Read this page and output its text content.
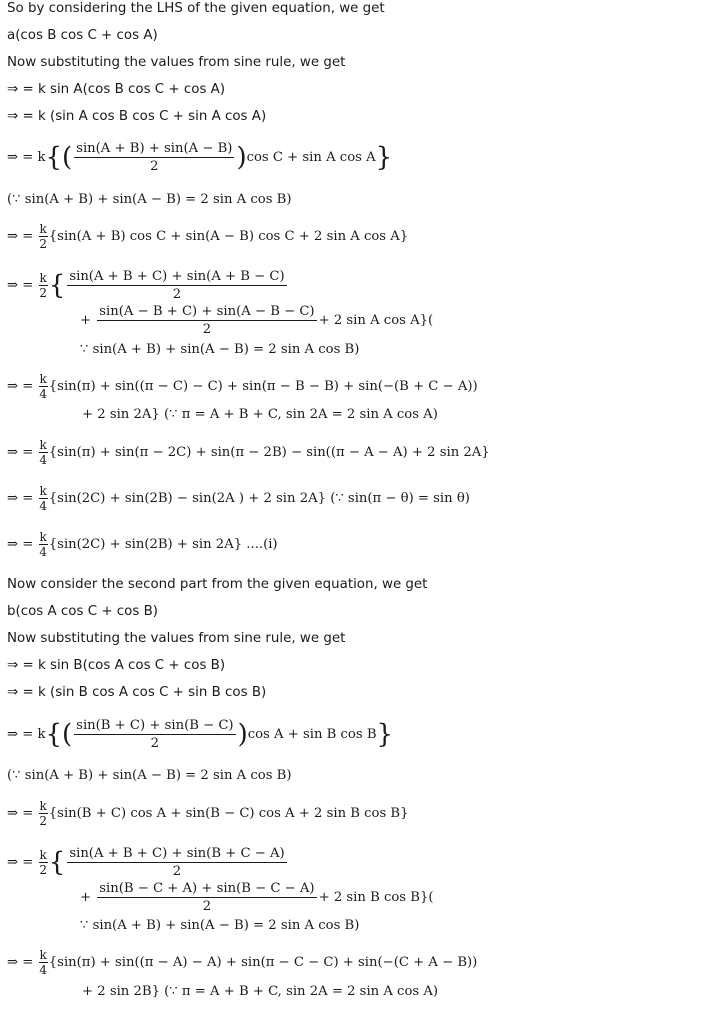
So by considering the LHS of the given equation, we get
a(cos B cos C + cos A)
Now substituting the values from sine rule, we get
⇒ = k sin A(cos B cos C + cos A)
⇒ = k (sin A cos B cos C + sin A cos A)
⇒ = $k\{( \frac{\sin(A + B) + \sin(A - B)}{2} )\cos$ C + sin A cos A}
(∵ sin(A + B) + sin(A − B) = 2 sin A cos B)
⇒ = $\frac{k}{2} \{\sin(A + B)$ cos C + sin(A − B) cos C + 2 sin A cos A}
⇒ = $\frac{k}{2}$ { $\frac{\sin(A + B + C) + \sin(A + B - C)}{2}$
+ $\frac{\sin(A - B + C) + \sin(A - B - C)}{2} + 2$ sin A cos A}(
∵ sin(A + B) + sin(A − B) = 2 sin A cos B)
⇒ = $\frac{k}{4} \{\sin(\pi) + \sin((\pi - C) - C) + \sin(\pi - B - B) + \sin(-(B + C - A))$
+ 2 sin 2A} (∵ π = A + B + C, sin 2A = 2 sin A cos A)
⇒ = $\frac{k}{4} \{\sin(\pi) + \sin(\pi - 2C) + \sin(\pi - 2B) - \sin((\pi - A - A) + 2$ sin 2A}
⇒ = $\frac{k}{4} \{\sin(2C) + \sin(2B) - \sin(2A$ ) + 2 sin 2A} (∵ sin(π − θ) = sin θ)
⇒ = $\frac{k}{4} \{\sin(2C) + \sin(2B) + \sin 2A\}$ ....(i)
Now consider the second part from the given equation, we get
b(cos A cos C + cos B)
Now substituting the values from sine rule, we get
⇒ = k sin B(cos A cos C + cos B)
⇒ = k (sin B cos A cos C + sin B cos B)
⇒ = $k\{( \frac{\sin(B + C) + \sin(B - C)}{2} )\cos$ A + sin B cos B}
(∵ sin(A + B) + sin(A − B) = 2 sin A cos B)
⇒ = $\frac{k}{2} \{\sin(B + C)$ cos A + sin(B − C) cos A + 2 sin B cos B}
⇒ = $\frac{k}{2}$ { $\frac{\sin(A + B + C) + \sin(B + C - A)}{2}$
+ $\frac{\sin(B - C + A) + \sin(B - C - A)}{2} + 2$ sin B cos B}(
∵ sin(A + B) + sin(A − B) = 2 sin A cos B)
⇒ = $\frac{k}{4} \{\sin(\pi) + \sin((\pi - A) - A) + \sin(\pi - C - C) + \sin(-(C + A - B))$
+ 2 sin 2B} (∵ π = A + B + C, sin 2A = 2 sin A cos A)
